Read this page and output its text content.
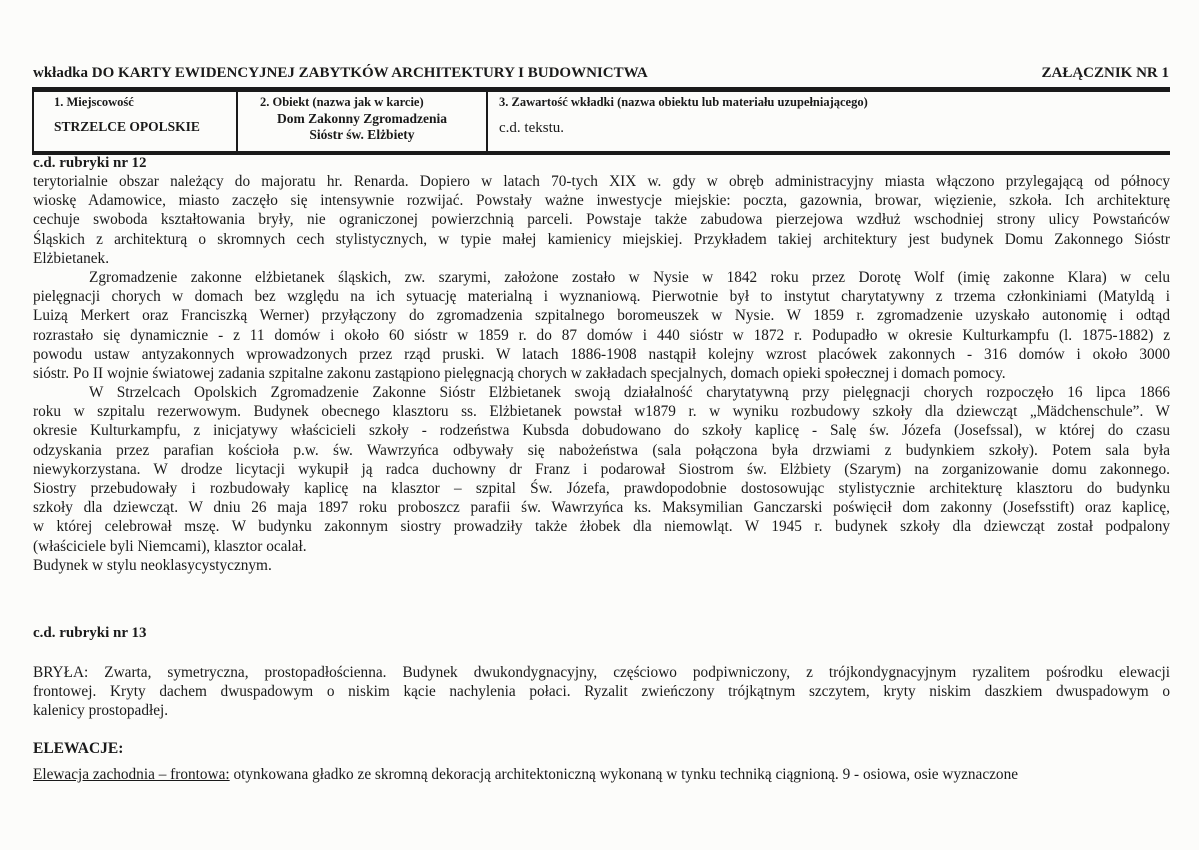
wkładka DO KARTY EWIDENCYJNEJ ZABYTKÓW ARCHITEKTURY I BUDOWNICTWA	ZAŁĄCZNIK NR 1
1. Miejscowość
STRZELCE OPOLSKIE
2. Obiekt (nazwa jak w karcie)
Dom Zakonny Zgromadzenia
Sióstr św. Elżbiety
3. Zawartość wkładki (nazwa obiektu lub materiału uzupełniającego)
c.d. tekstu.
c.d. rubryki nr 12
terytorialnie obszar należący do majoratu hr. Renarda. Dopiero w latach 70-tych XIX w. gdy w obręb administracyjny miasta włączono przylegającą od północy
wioskę Adamowice, miasto zaczęło się intensywnie rozwijać. Powstały ważne inwestycje miejskie: poczta, gazownia, browar, więzienie, szkoła. Ich architekturę
cechuje swoboda kształtowania bryły, nie ograniczonej powierzchnią parceli. Powstaje także zabudowa pierzejowa wzdłuż wschodniej strony ulicy Powstańców
Śląskich z architekturą o skromnych cech stylistycznych, w typie małej kamienicy miejskiej. Przykładem takiej architektury jest budynek Domu Zakonnego Sióstr
Elżbietanek.
Zgromadzenie zakonne elżbietanek śląskich, zw. szarymi, założone zostało w Nysie w 1842 roku przez Dorotę Wolf (imię zakonne Klara) w celu
pielęgnacji chorych w domach bez względu na ich sytuację materialną i wyznaniową. Pierwotnie był to instytut charytatywny z trzema członkiniami (Matyldą i
Luizą Merkert oraz Franciszką Werner) przyłączony do zgromadzenia szpitalnego boromeuszek w Nysie. W 1859 r. zgromadzenie uzyskało autonomię i odtąd
rozrastało się dynamicznie - z 11 domów i około 60 sióstr w 1859 r. do 87 domów i 440 sióstr w 1872 r. Podupadło w okresie Kulturkampfu (l. 1875-1882) z
powodu ustaw antyzakonnych wprowadzonych przez rząd pruski. W latach 1886-1908 nastąpił kolejny wzrost placówek zakonnych - 316 domów i około 3000
sióstr. Po II wojnie światowej zadania szpitalne zakonu zastąpiono pielęgnacją chorych w zakładach specjalnych, domach opieki społecznej i domach pomocy.
W Strzelcach Opolskich Zgromadzenie Zakonne Sióstr Elżbietanek swoją działalność charytatywną przy pielęgnacji chorych rozpoczęło 16 lipca 1866
roku w szpitalu rezerwowym. Budynek obecnego klasztoru ss. Elżbietanek powstał w1879 r. w wyniku rozbudowy szkoły dla dziewcząt „Mädchenschule”. W
okresie Kulturkampfu, z inicjatywy właścicieli szkoły - rodzeństwa Kubsda dobudowano do szkoły kaplicę - Salę św. Józefa (Josefssal), w której do czasu
odzyskania przez parafian kościoła p.w. św. Wawrzyńca odbywały się nabożeństwa (sala połączona była drzwiami z budynkiem szkoły). Potem sala była
niewykorzystana. W drodze licytacji wykupił ją radca duchowny dr Franz i podarował Siostrom św. Elżbiety (Szarym) na zorganizowanie domu zakonnego.
Siostry przebudowały i rozbudowały kaplicę na klasztor – szpital Św. Józefa, prawdopodobnie dostosowując stylistycznie architekturę klasztoru do budynku
szkoły dla dziewcząt. W dniu 26 maja 1897 roku proboszcz parafii św. Wawrzyńca ks. Maksymilian Ganczarski poświęcił dom zakonny (Josefsstift) oraz kaplicę,
w której celebrował mszę. W budynku zakonnym siostry prowadziły także żłobek dla niemowląt. W 1945 r. budynek szkoły dla dziewcząt został podpalony
(właściciele byli Niemcami), klasztor ocalał.
Budynek w stylu neoklasycystycznym.
c.d. rubryki nr 13
BRYŁA: Zwarta, symetryczna, prostopadłościenna. Budynek dwukondygnacyjny, częściowo podpiwniczony, z trójkondygnacyjnym ryzalitem pośrodku elewacji
frontowej. Kryty dachem dwuspadowym o niskim kącie nachylenia połaci. Ryzalit zwieńczony trójkątnym szczytem, kryty niskim daszkiem dwuspadowym o
kalenicy prostopadłej.
ELEWACJE:
Elewacja zachodnia – frontowa: otynkowana gładko ze skromną dekoracją architektoniczną wykonaną w tynku techniką ciągnioną. 9 - osiowa, osie wyznaczone
